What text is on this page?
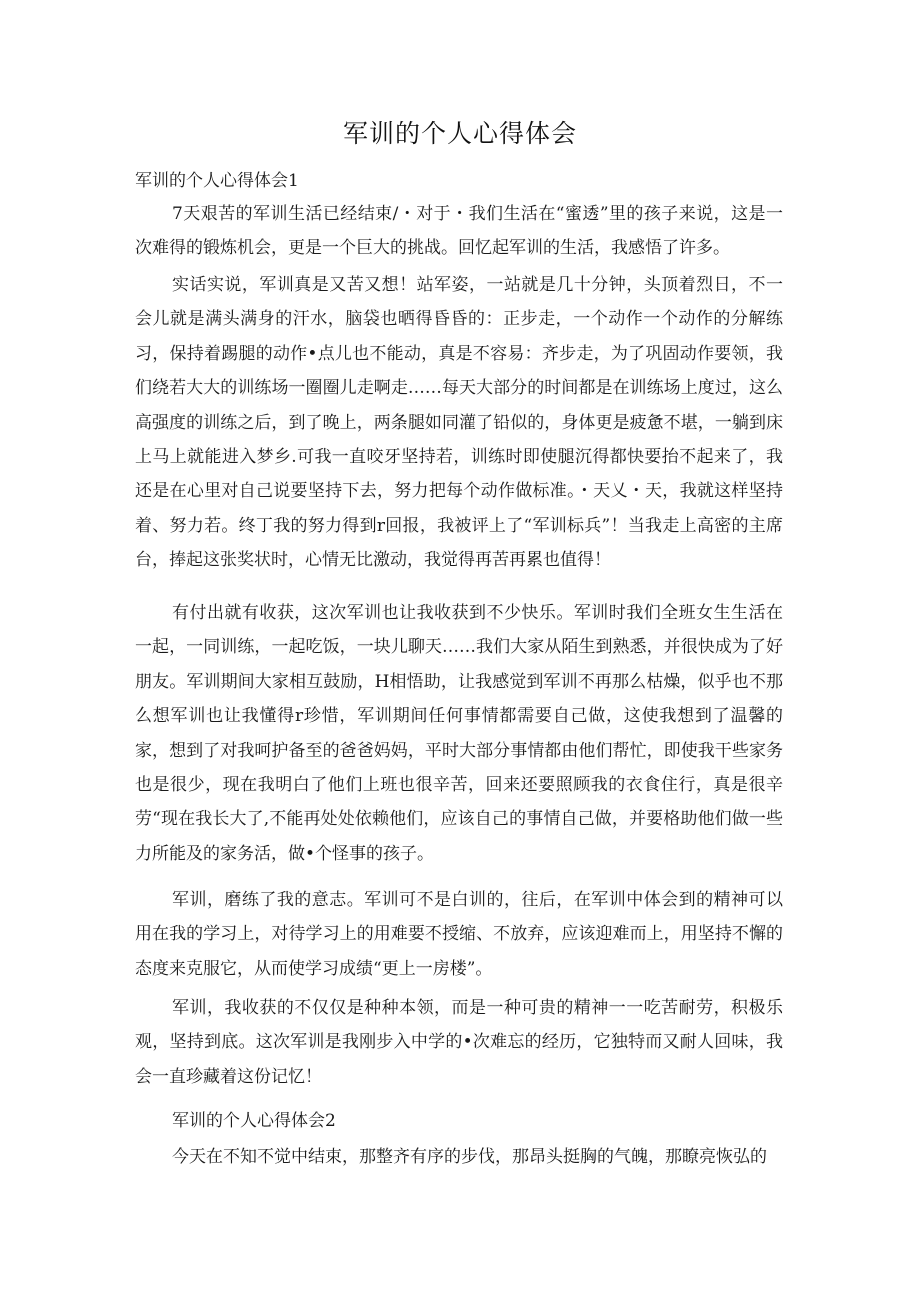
军训的个人心得体会
军训的个人心得体会1

7天艰苦的军训生活已经结束/・对于・我们生活在“蜜透”里的孩子来说，这是一次难得的锻炼机会，更是一个巨大的挑战。回忆起军训的生活，我感悟了许多。

实话实说，军训真是又苦又想！站军姿，一站就是几十分钟，头顶着烈日，不一会儿就是满头满身的汗水，脑袋也晒得昏昏的：正步走，一个动作一个动作的分解练习，保持着踢腿的动作•点儿也不能动，真是不容易：齐步走，为了巩固动作要领，我们绕若大大的训练场一圈圈儿走啊走……每天大部分的时间都是在训练场上度过，这么高强度的训练之后，到了晚上，两条腿如同灌了铅似的，身体更是疲惫不堪，一躺到床上马上就能进入梦乡.可我一直咬牙坚持若，训练时即使腿沉得都快要抬不起来了，我还是在心里对自己说要坚持下去，努力把每个动作做标准。・天乂・天，我就这样坚持着、努力若。终丁我的努力得到r回报，我被评上了“军训标兵”！当我走上高密的主席台，捧起这张奖状时，心情无比激动，我觉得再苦再累也值得！

有付出就有收获，这次军训也让我收获到不少快乐。军训时我们全班女生生活在一起，一同训练，一起吃饭，一块儿聊天……我们大家从陌生到熟悉，并很快成为了好朋友。军训期间大家相互鼓励，H相悟助，让我感觉到军训不再那么枯燥，似乎也不那么想军训也让我懂得r珍惜，军训期间任何事情都需要自己做，这使我想到了温馨的家，想到了对我呵护备至的爸爸妈妈，平时大部分事情都由他们帮忙，即使我干些家务也是很少，现在我明白了他们上班也很辛苦，回来还要照顾我的衣食住行，真是很辛劳“现在我长大了,不能再处处依赖他们，应该自己的事情自己做，并要格助他们做一些力所能及的家务活，做•个怪事的孩子。

军训，磨练了我的意志。军训可不是白训的，往后，在军训中体会到的精神可以用在我的学习上，对待学习上的用难要不授缩、不放弃，应该迎难而上，用坚持不懈的态度来克服它，从而使学习成绩“更上一房楼”。

军训，我收获的不仅仅是种种本领，而是一种可贵的精神一一吃苦耐劳，积极乐观，坚持到底。这次军训是我刚步入中学的•次难忘的经历，它独特而又耐人回味，我会一直珍藏着这份记忆！

军训的个人心得体会2

今天在不知不觉中结束，那整齐有序的步伐，那昂头挺胸的气魄，那瞭亮恢弘的
